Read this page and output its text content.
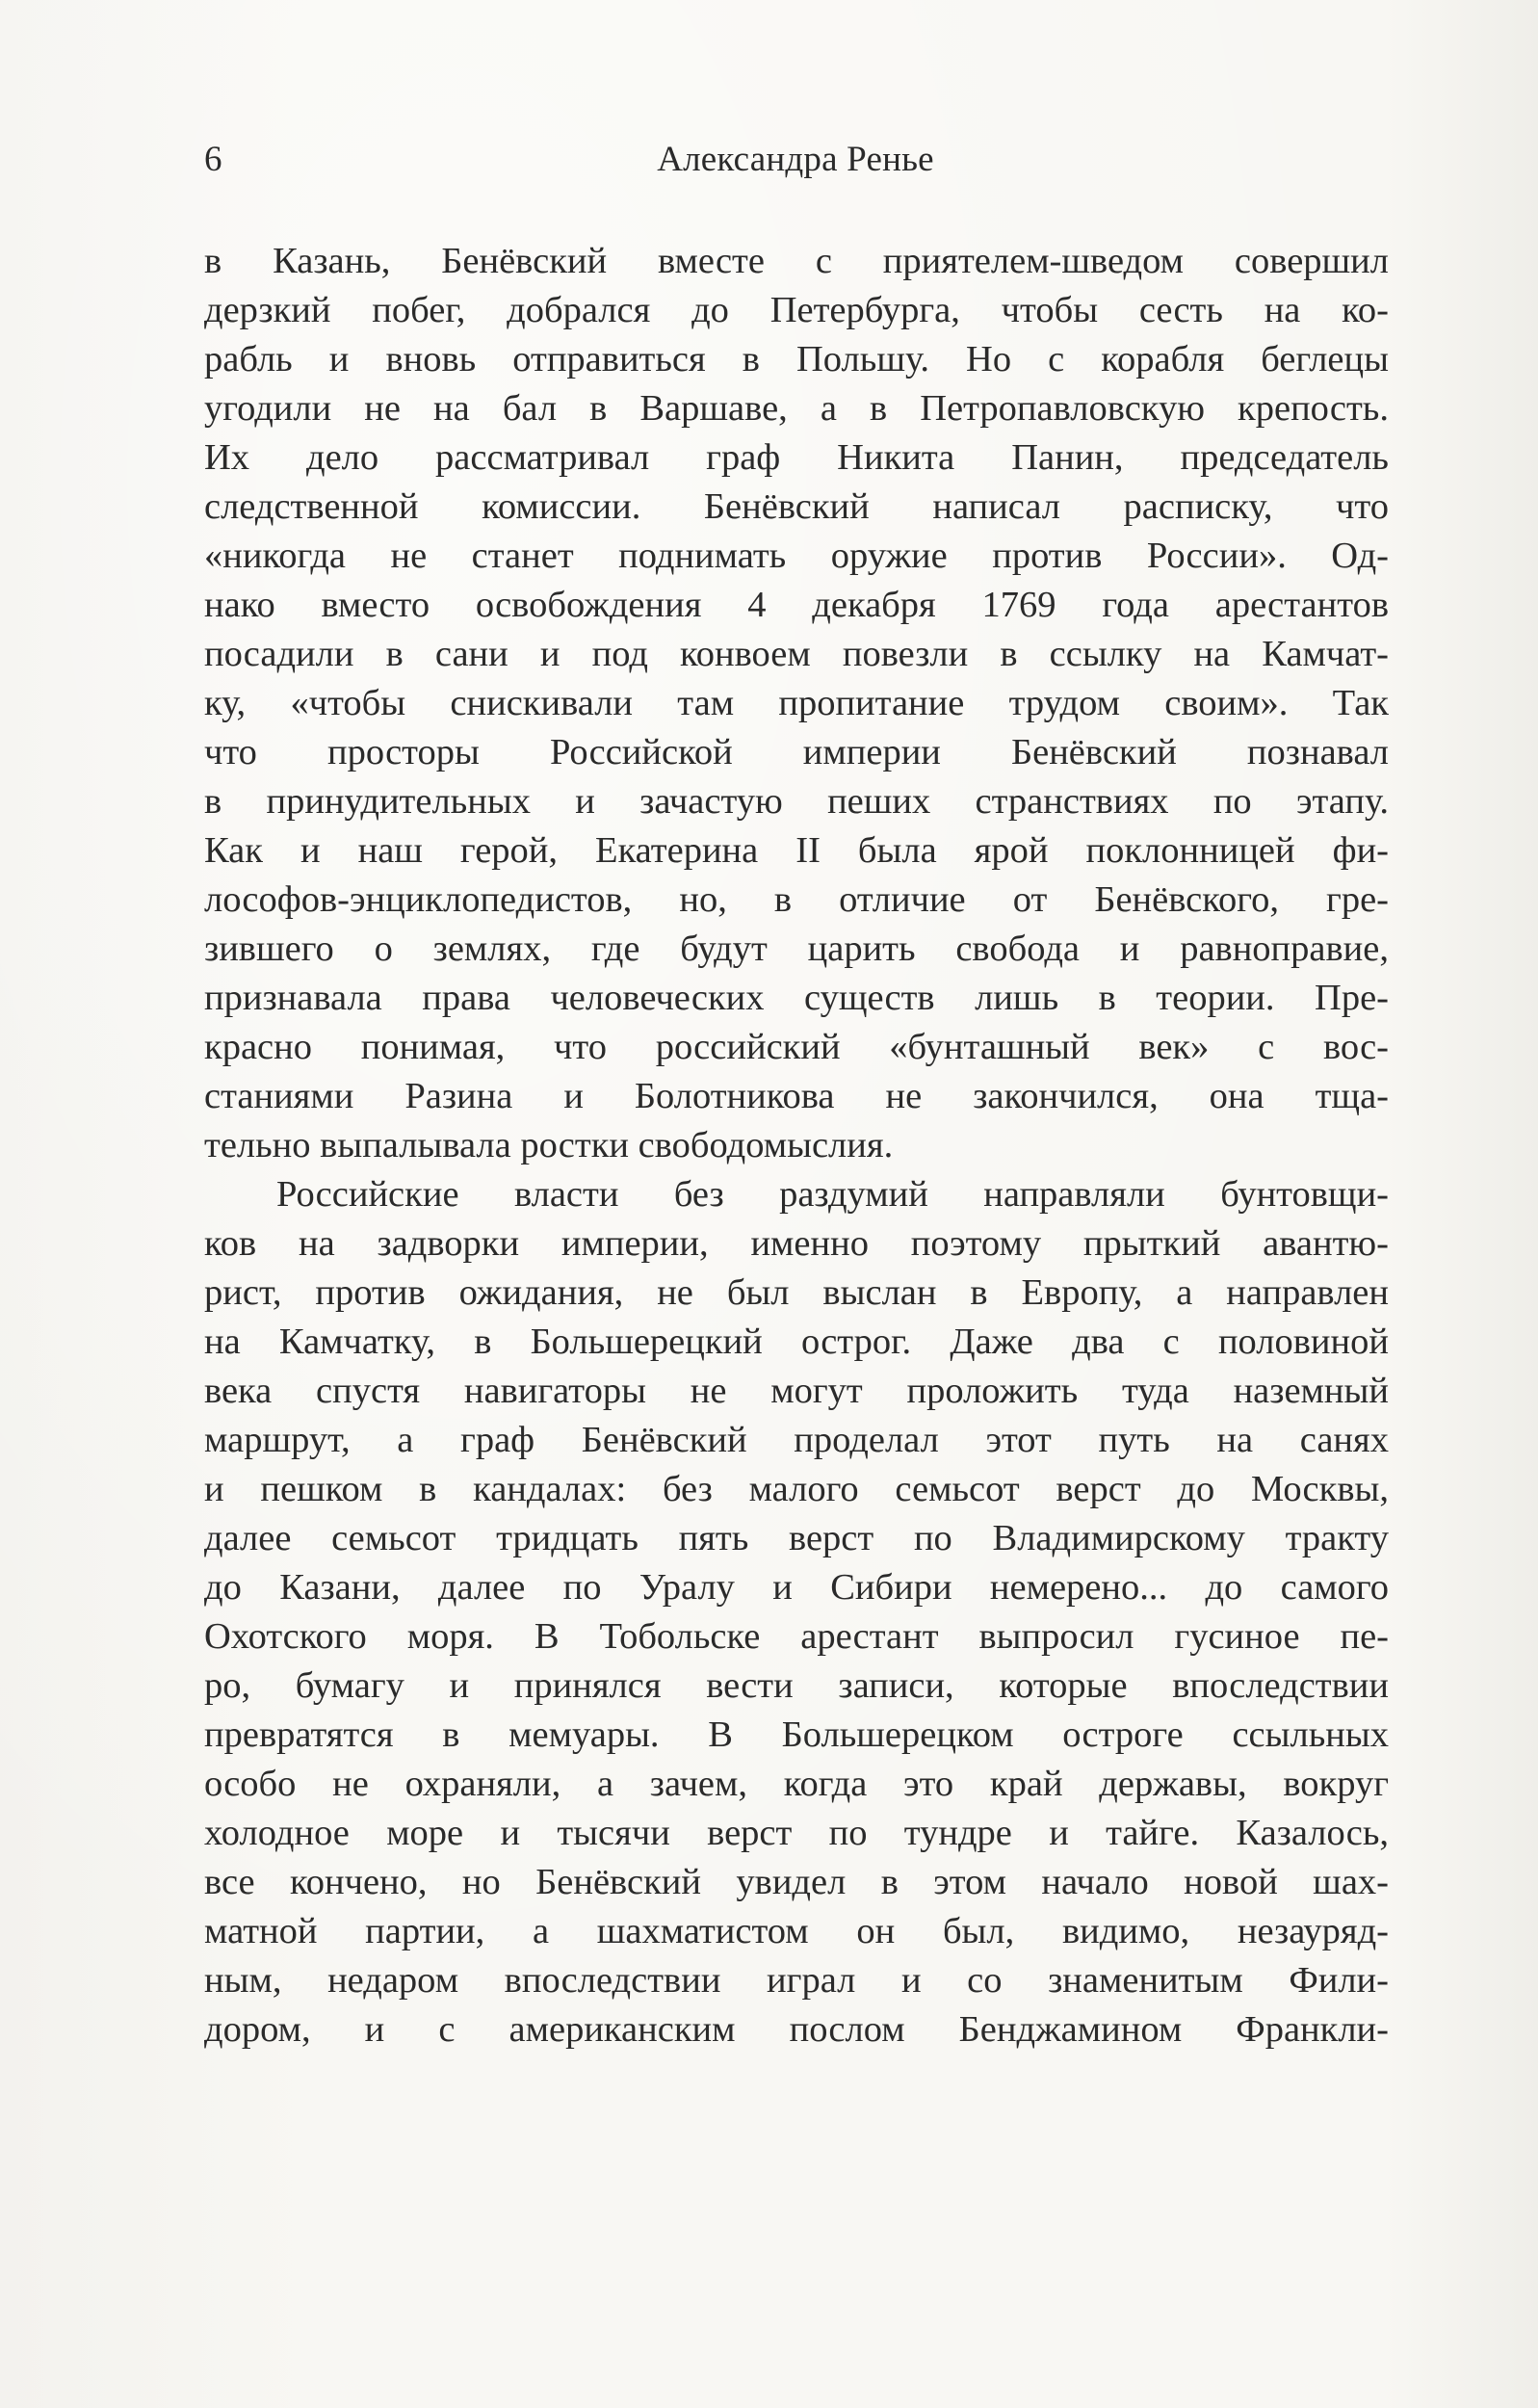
6	Александра Ренье
в Казань, Бенёвский вместе с приятелем-шведом совершил
дерзкий побег, добрался до Петербурга, чтобы сесть на ко-
рабль и вновь отправиться в Польшу. Но с корабля беглецы
угодили не на бал в Варшаве, а в Петропавловскую крепость.
Их дело рассматривал граф Никита Панин, председатель
следственной комиссии. Бенёвский написал расписку, что
«никогда не станет поднимать оружие против России». Од-
нако вместо освобождения 4 декабря 1769 года арестантов
посадили в сани и под конвоем повезли в ссылку на Камчат-
ку, «чтобы снискивали там пропитание трудом своим». Так
что просторы Российской империи Бенёвский познавал
в принудительных и зачастую пеших странствиях по этапу.
Как и наш герой, Екатерина II была ярой поклонницей фи-
лософов-энциклопедистов, но, в отличие от Бенёвского, гре-
зившего о землях, где будут царить свобода и равноправие,
признавала права человеческих существ лишь в теории. Пре-
красно понимая, что российский «бунташный век» с вос-
станиями Разина и Болотникова не закончился, она тща-
тельно выпалывала ростки свободомыслия.
Российские власти без раздумий направляли бунтовщи-
ков на задворки империи, именно поэтому прыткий авантю-
рист, против ожидания, не был выслан в Европу, а направлен
на Камчатку, в Большерецкий острог. Даже два с половиной
века спустя навигаторы не могут проложить туда наземный
маршрут, а граф Бенёвский проделал этот путь на санях
и пешком в кандалах: без малого семьсот верст до Москвы,
далее семьсот тридцать пять верст по Владимирскому тракту
до Казани, далее по Уралу и Сибири немерено... до самого
Охотского моря. В Тобольске арестант выпросил гусиное пе-
ро, бумагу и принялся вести записи, которые впоследствии
превратятся в мемуары. В Большерецком остроге ссыльных
особо не охраняли, а зачем, когда это край державы, вокруг
холодное море и тысячи верст по тундре и тайге. Казалось,
все кончено, но Бенёвский увидел в этом начало новой шах-
матной партии, а шахматистом он был, видимо, незауряд-
ным, недаром впоследствии играл и со знаменитым Фили-
дором, и с американским послом Бенджамином Франкли-
